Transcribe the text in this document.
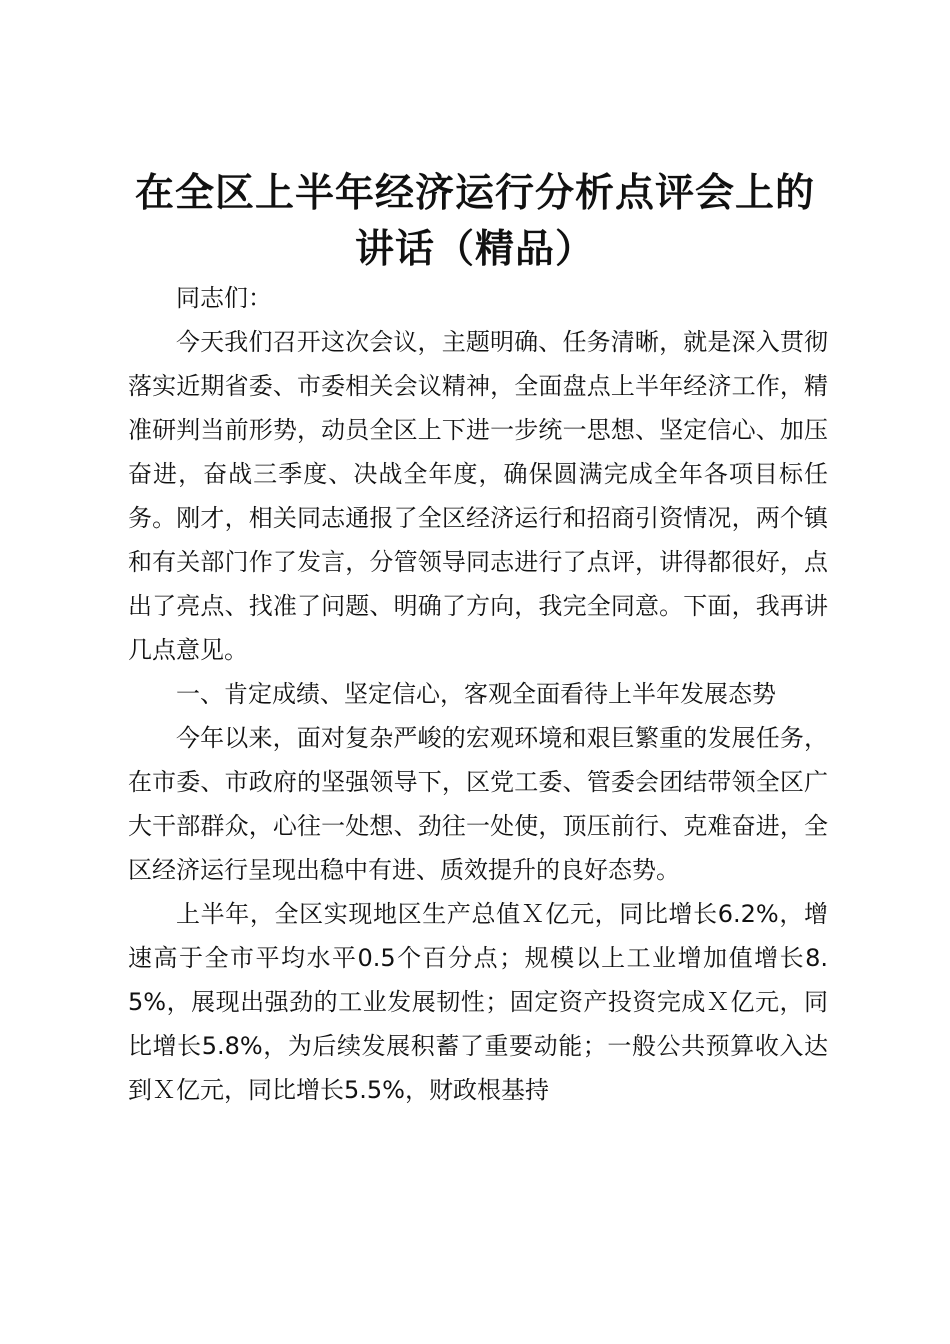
在全区上半年经济运行分析点评会上的
讲话（精品）

同志们：

今天我们召开这次会议，主题明确、任务清晰，就是深入贯彻落实近期省委、市委相关会议精神，全面盘点上半年经济工作，精准研判当前形势，动员全区上下进一步统一思想、坚定信心、加压奋进，奋战三季度、决战全年度，确保圆满完成全年各项目标任务。刚才，相关同志通报了全区经济运行和招商引资情况，两个镇和有关部门作了发言，分管领导同志进行了点评，讲得都很好，点出了亮点、找准了问题、明确了方向，我完全同意。下面，我再讲几点意见。

一、肯定成绩、坚定信心，客观全面看待上半年发展态势

今年以来，面对复杂严峻的宏观环境和艰巨繁重的发展任务，在市委、市政府的坚强领导下，区党工委、管委会团结带领全区广大干部群众，心往一处想、劲往一处使，顶压前行、克难奋进，全区经济运行呈现出稳中有进、质效提升的良好态势。

上半年，全区实现地区生产总值Ｘ亿元，同比增长6.2%，增速高于全市平均水平0.5个百分点；规模以上工业增加值增长8.5%，展现出强劲的工业发展韧性；固定资产投资完成Ｘ亿元，同比增长5.8%，为后续发展积蓄了重要动能；一般公共预算收入达到Ｘ亿元，同比增长5.5%，财政根基持
